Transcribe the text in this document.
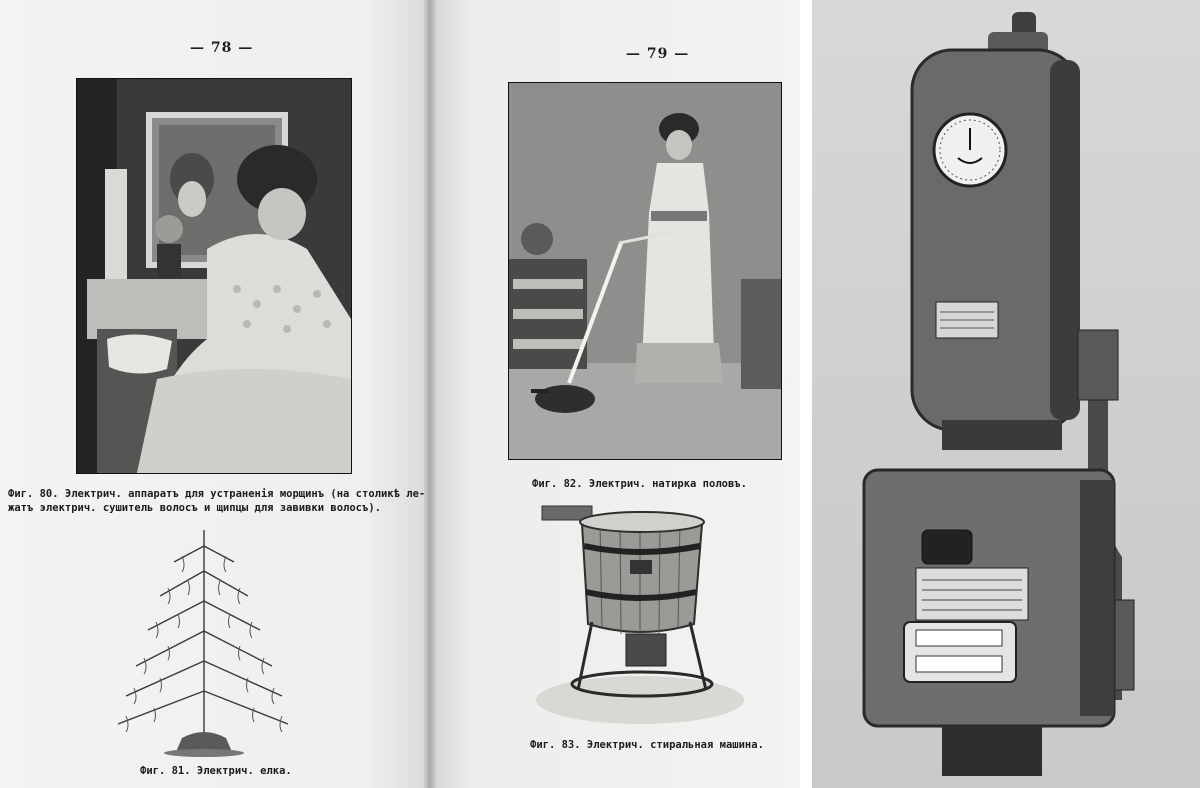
— 78 —
Фиг. 80. Электрич. аппаратъ для устраненія морщинъ (на столикѣ ле-
жатъ электрич. сушитель волосъ и щипцы для завивки волосъ).
Фиг. 81. Электрич. елка.
— 79 —
Фиг. 82. Электрич. натирка половъ.
Фиг. 83. Электрич. стиральная машина.
